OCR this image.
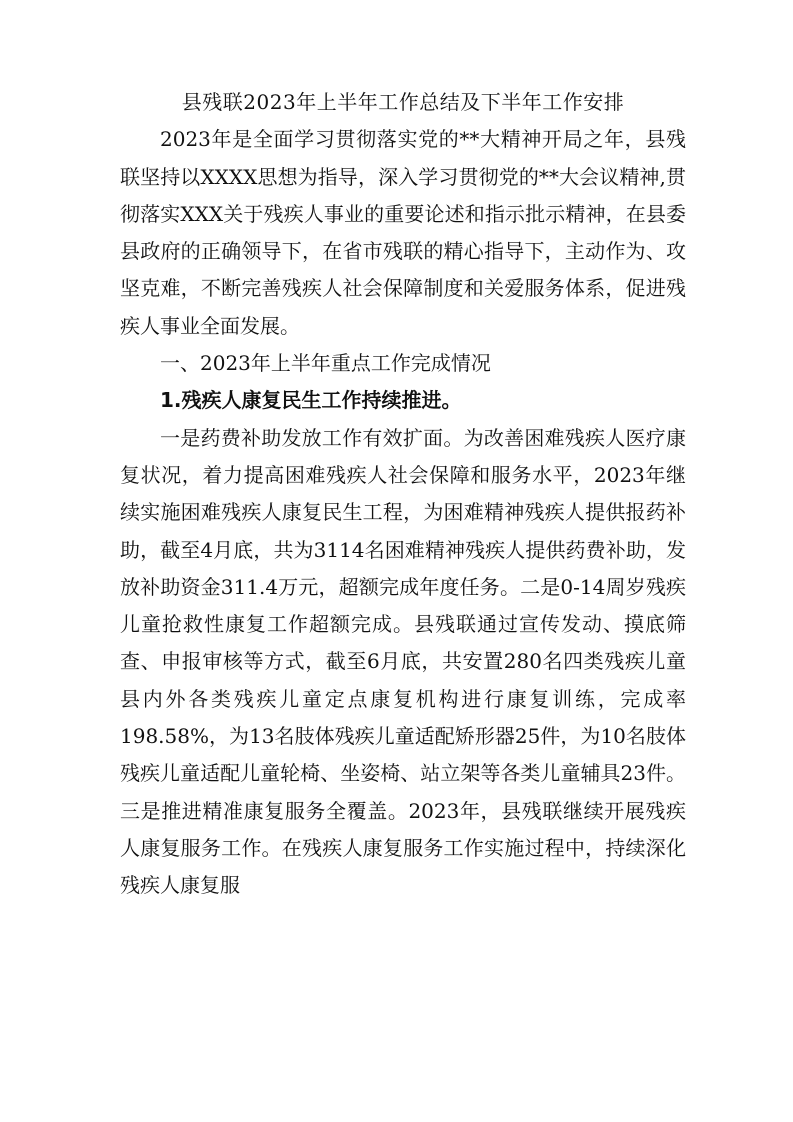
县残联2023年上半年工作总结及下半年工作安排

2023年是全面学习贯彻落实党的**大精神开局之年，县残联坚持以XXXX思想为指导，深入学习贯彻党的**大会议精神,贯彻落实XXX关于残疾人事业的重要论述和指示批示精神，在县委县政府的正确领导下，在省市残联的精心指导下，主动作为、攻坚克难，不断完善残疾人社会保障制度和关爱服务体系，促进残疾人事业全面发展。

一、2023年上半年重点工作完成情况

1.残疾人康复民生工作持续推进。

一是药费补助发放工作有效扩面。为改善困难残疾人医疗康复状况，着力提高困难残疾人社会保障和服务水平，2023年继续实施困难残疾人康复民生工程，为困难精神残疾人提供报药补助，截至4月底，共为3114名困难精神残疾人提供药费补助，发放补助资金311.4万元，超额完成年度任务。二是0-14周岁残疾儿童抢救性康复工作超额完成。县残联通过宣传发动、摸底筛查、申报审核等方式，截至6月底，共安置280名四类残疾儿童县内外各类残疾儿童定点康复机构进行康复训练，完成率198.58%，为13名肢体残疾儿童适配矫形器25件，为10名肢体残疾儿童适配儿童轮椅、坐姿椅、站立架等各类儿童辅具23件。三是推进精准康复服务全覆盖。2023年，县残联继续开展残疾人康复服务工作。在残疾人康复服务工作实施过程中，持续深化残疾人康复服
